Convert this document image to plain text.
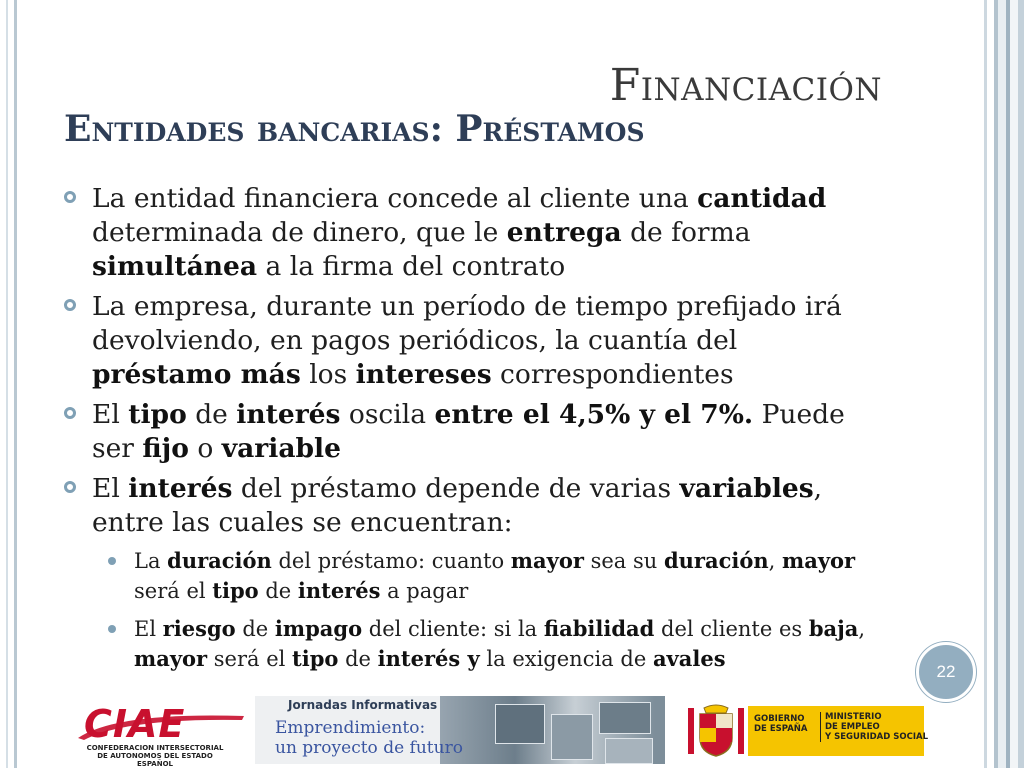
Financiación
Entidades bancarias: Préstamos
La entidad financiera concede al cliente una cantidad determinada de dinero, que le entrega de forma simultánea a la firma del contrato
La empresa, durante un período de tiempo prefijado irá devolviendo, en pagos periódicos, la cuantía del préstamo más los intereses correspondientes
El tipo de interés oscila entre el 4,5% y el 7%. Puede ser fijo o variable
El interés del préstamo depende de varias variables, entre las cuales se encuentran:
La duración del préstamo: cuanto mayor sea su duración, mayor será el tipo de interés a pagar
El riesgo de impago del cliente: si la fiabilidad del cliente es baja, mayor será el tipo de interés y la exigencia de avales
22
CIAE
CONFEDERACION INTERSECTORIAL
DE AUTONOMOS DEL ESTADO ESPAÑOL
Jornadas Informativas
Emprendimiento:
un proyecto de futuro
GOBIERNO
DE ESPAÑA
MINISTERIO
DE EMPLEO
Y SEGURIDAD SOCIAL
